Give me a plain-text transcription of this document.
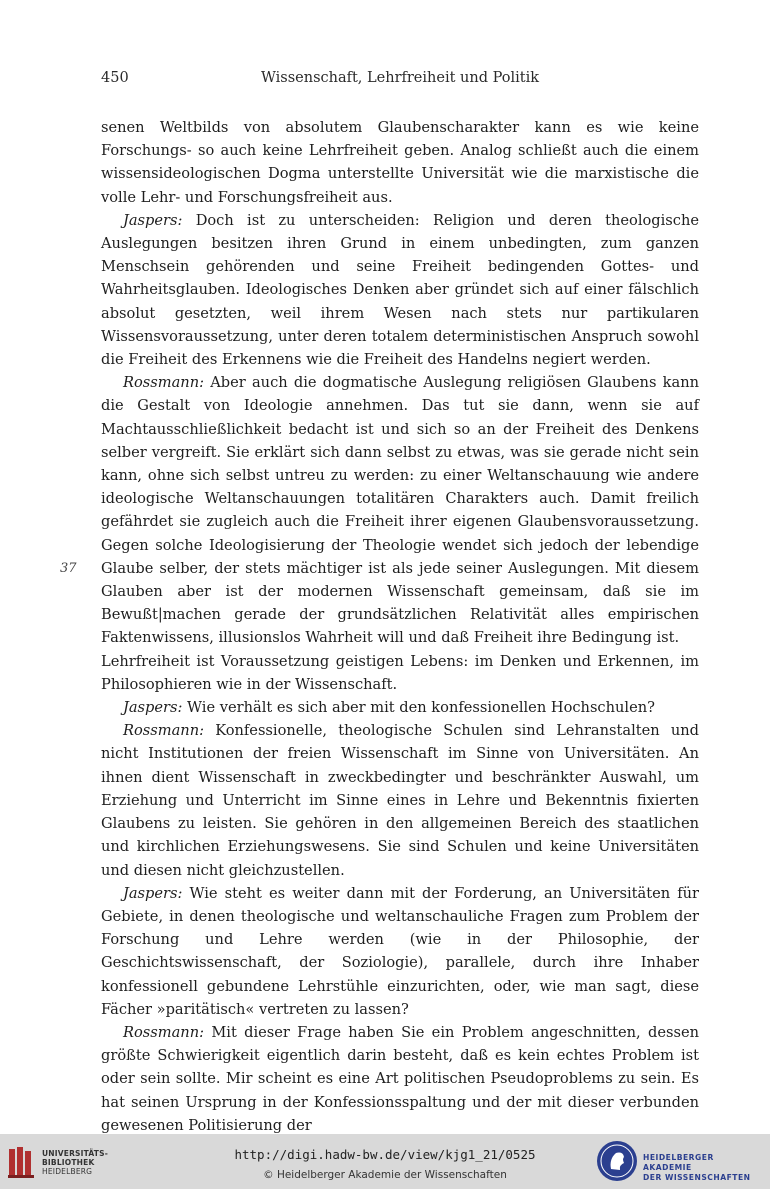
450	Wissenschaft, Lehrfreiheit und Politik
37

senen Weltbilds von absolutem Glaubenscharakter kann es wie keine Forschungs- so auch keine Lehrfreiheit geben. Analog schließt auch die einem wissensideologischen Dogma unterstellte Universität wie die marxistische die volle Lehr- und Forschungsfreiheit aus.

Jaspers: Doch ist zu unterscheiden: Religion und deren theologische Auslegungen besitzen ihren Grund in einem unbedingten, zum ganzen Menschsein gehörenden und seine Freiheit bedingenden Gottes- und Wahrheitsglauben. Ideologisches Denken aber gründet sich auf einer fälschlich absolut gesetzten, weil ihrem Wesen nach stets nur partikularen Wissensvoraussetzung, unter deren totalem deterministischen Anspruch sowohl die Freiheit des Erkennens wie die Freiheit des Handelns negiert werden.

Rossmann: Aber auch die dogmatische Auslegung religiösen Glaubens kann die Gestalt von Ideologie annehmen. Das tut sie dann, wenn sie auf Machtausschließlichkeit bedacht ist und sich so an der Freiheit des Denkens selber vergreift. Sie erklärt sich dann selbst zu etwas, was sie gerade nicht sein kann, ohne sich selbst untreu zu werden: zu einer Weltanschauung wie andere ideologische Weltanschauungen totalitären Charakters auch. Damit freilich gefährdet sie zugleich auch die Freiheit ihrer eigenen Glaubensvoraussetzung. Gegen solche Ideologisierung der Theologie wendet sich jedoch der lebendige Glaube selber, der stets mächtiger ist als jede seiner Auslegungen. Mit diesem Glauben aber ist der modernen Wissenschaft gemeinsam, daß sie im Bewußt|machen gerade der grundsätzlichen Relativität alles empirischen Faktenwissens, illusionslos Wahrheit will und daß Freiheit ihre Bedingung ist.

Lehrfreiheit ist Voraussetzung geistigen Lebens: im Denken und Erkennen, im Philosophieren wie in der Wissenschaft.

Jaspers: Wie verhält es sich aber mit den konfessionellen Hochschulen?

Rossmann: Konfessionelle, theologische Schulen sind Lehranstalten und nicht Institutionen der freien Wissenschaft im Sinne von Universitäten. An ihnen dient Wissenschaft in zweckbedingter und beschränkter Auswahl, um Erziehung und Unterricht im Sinne eines in Lehre und Bekenntnis fixierten Glaubens zu leisten. Sie gehören in den allgemeinen Bereich des staatlichen und kirchlichen Erziehungswesens. Sie sind Schulen und keine Universitäten und diesen nicht gleichzustellen.

Jaspers: Wie steht es weiter dann mit der Forderung, an Universitäten für Gebiete, in denen theologische und weltanschauliche Fragen zum Problem der Forschung und Lehre werden (wie in der Philosophie, der Geschichtswissenschaft, der Soziologie), parallele, durch ihre Inhaber konfessionell gebundene Lehrstühle einzurichten, oder, wie man sagt, diese Fächer »paritätisch« vertreten zu lassen?

Rossmann: Mit dieser Frage haben Sie ein Problem angeschnitten, dessen größte Schwierigkeit eigentlich darin besteht, daß es kein echtes Problem ist oder sein sollte. Mir scheint es eine Art politischen Pseudoproblems zu sein. Es hat seinen Ursprung in der Konfessionsspaltung und der mit dieser verbunden gewesenen Politisierung der

UNIVERSITÄTS-
BIBLIOTHEK
HEIDELBERG
http://digi.hadw-bw.de/view/kjg1_21/0525
© Heidelberger Akademie der Wissenschaften
HEIDELBERGER AKADEMIE
DER WISSENSCHAFTEN
